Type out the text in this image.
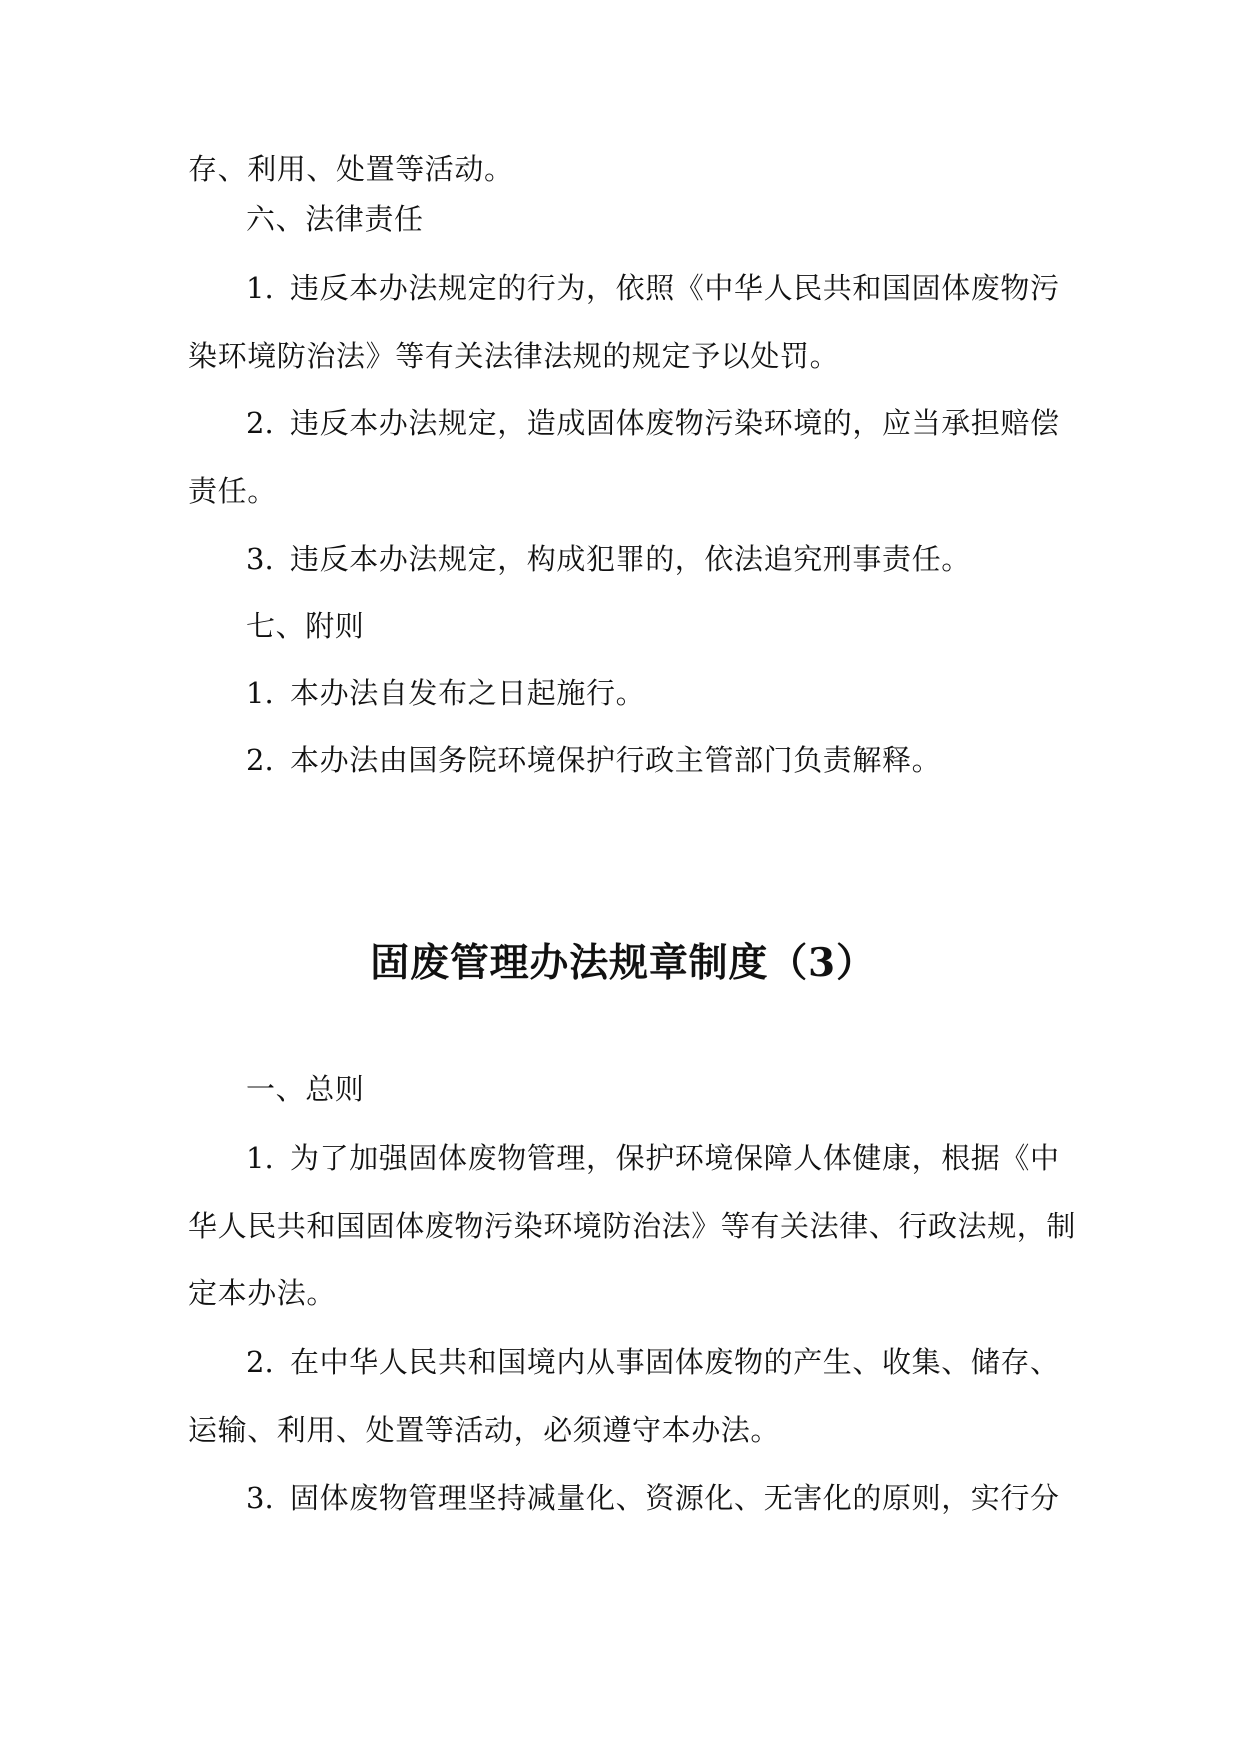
存、利用、处置等活动。
六、法律责任
1. 违反本办法规定的行为，依照《中华人民共和国固体废物污
染环境防治法》等有关法律法规的规定予以处罚。
2. 违反本办法规定，造成固体废物污染环境的，应当承担赔偿
责任。
3. 违反本办法规定，构成犯罪的，依法追究刑事责任。
七、附则
1. 本办法自发布之日起施行。
2. 本办法由国务院环境保护行政主管部门负责解释。
固废管理办法规章制度（3）
一、总则
1. 为了加强固体废物管理，保护环境保障人体健康，根据《中
华人民共和国固体废物污染环境防治法》等有关法律、行政法规，制
定本办法。
2. 在中华人民共和国境内从事固体废物的产生、收集、储存、
运输、利用、处置等活动，必须遵守本办法。
3. 固体废物管理坚持减量化、资源化、无害化的原则，实行分
